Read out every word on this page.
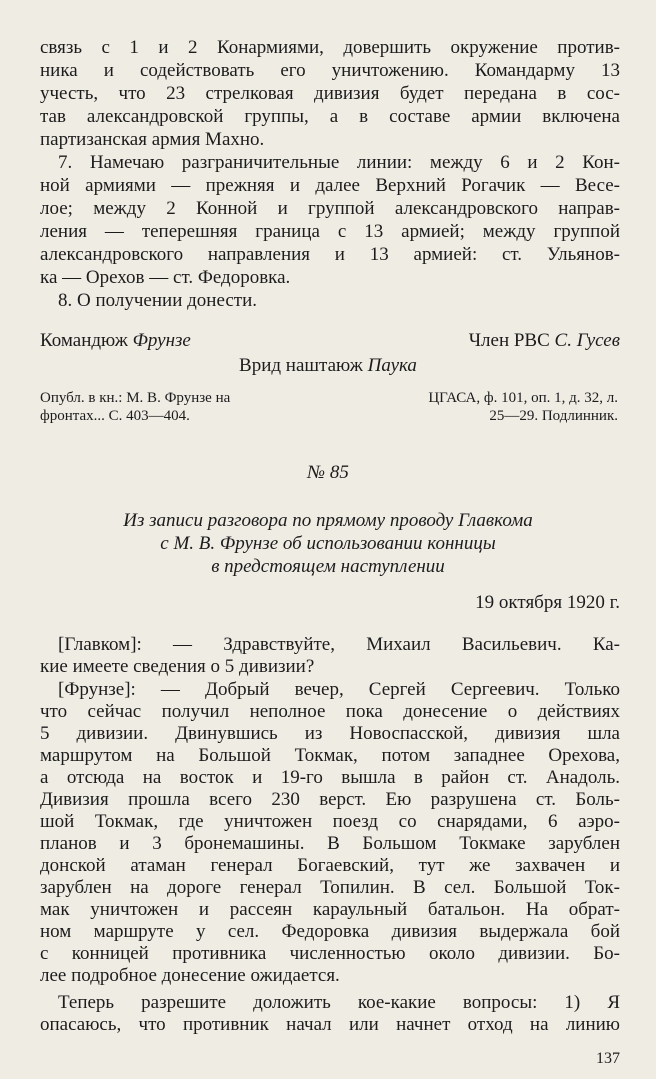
связь с 1 и 2 Конармиями, довершить окружение против-
ника и содействовать его уничтожению. Командарму 13
учесть, что 23 стрелковая дивизия будет передана в сос-
тав александровской группы, а в составе армии включена
партизанская армия Махно.
7. Намечаю разграничительные линии: между 6 и 2 Кон-
ной армиями — прежняя и далее Верхний Рогачик — Весе-
лое; между 2 Конной и группой александровского направ-
ления — теперешняя граница с 13 армией; между группой
александровского направления и 13 армией: ст. Ульянов-
ка — Орехов — ст. Федоровка.
8. О получении донести.
Командюж Фрунзе	Член РВС С. Гусев
Врид наштаюж Паука
Опубл. в кн.: М. В. Фрунзе на
фронтах... С. 403—404.
ЦГАСА, ф. 101, оп. 1, д. 32, л.
25—29. Подлинник.
№ 85
Из записи разговора по прямому проводу Главкома
с М. В. Фрунзе об использовании конницы
в предстоящем наступлении
19 октября 1920 г.
[Главком]: — Здравствуйте, Михаил Васильевич. Ка-
кие имеете сведения о 5 дивизии?
[Фрунзе]: — Добрый вечер, Сергей Сергеевич. Только
что сейчас получил неполное пока донесение о действиях
5 дивизии. Двинувшись из Новоспасской, дивизия шла
маршрутом на Большой Токмак, потом западнее Орехова,
а отсюда на восток и 19-го вышла в район ст. Анадоль.
Дивизия прошла всего 230 верст. Ею разрушена ст. Боль-
шой Токмак, где уничтожен поезд со снарядами, 6 аэро-
планов и 3 бронемашины. В Большом Токмаке зарублен
донской атаман генерал Богаевский, тут же захвачен и
зарублен на дороге генерал Топилин. В сел. Большой Ток-
мак уничтожен и рассеян караульный батальон. На обрат-
ном маршруте у сел. Федоровка дивизия выдержала бой
с конницей противника численностью около дивизии. Бо-
лее подробное донесение ожидается.
Теперь разрешите доложить кое-какие вопросы: 1) Я
опасаюсь, что противник начал или начнет отход на линию
137
